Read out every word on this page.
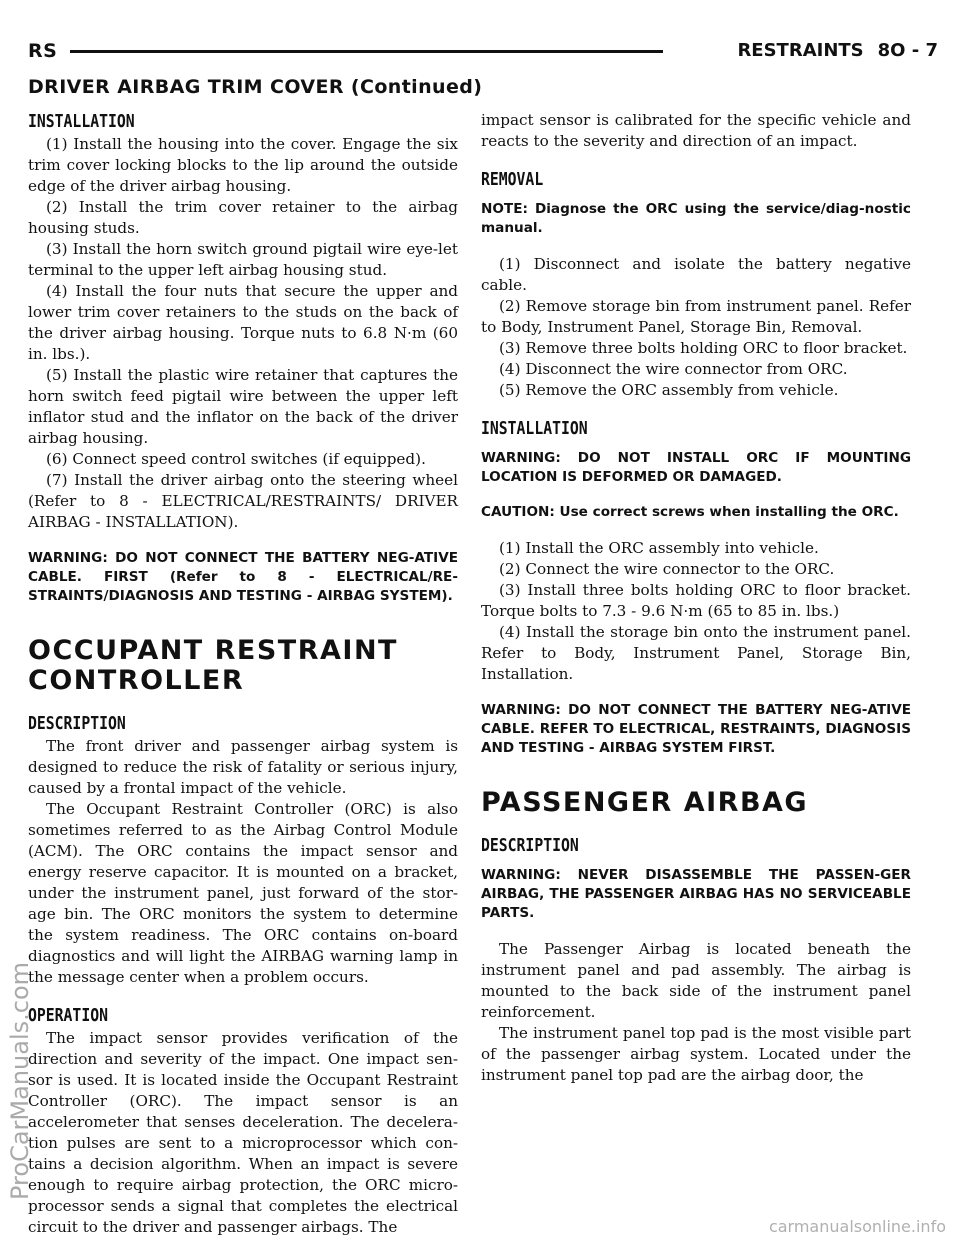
RS	RESTRAINTS 8O - 7
DRIVER AIRBAG TRIM COVER (Continued)
INSTALLATION

(1) Install the housing into the cover. Engage the six trim cover locking blocks to the lip around the outside edge of the driver airbag housing.

(2) Install the trim cover retainer to the airbag housing studs.

(3) Install the horn switch ground pigtail wire eye-let terminal to the upper left airbag housing stud.

(4) Install the four nuts that secure the upper and lower trim cover retainers to the studs on the back of the driver airbag housing. Torque nuts to 6.8 N·m (60 in. lbs.).

(5) Install the plastic wire retainer that captures the horn switch feed pigtail wire between the upper left inflator stud and the inflator on the back of the driver airbag housing.

(6) Connect speed control switches (if equipped).

(7) Install the driver airbag onto the steering wheel (Refer to 8 - ELECTRICAL/RESTRAINTS/ DRIVER AIRBAG - INSTALLATION).

WARNING: DO NOT CONNECT THE BATTERY NEG-ATIVE CABLE. FIRST (Refer to 8 - ELECTRICAL/RE-STRAINTS/DIAGNOSIS AND TESTING - AIRBAG SYSTEM).

OCCUPANT RESTRAINT
CONTROLLER
DESCRIPTION

The front driver and passenger airbag system is designed to reduce the risk of fatality or serious injury, caused by a frontal impact of the vehicle.

The Occupant Restraint Controller (ORC) is also sometimes referred to as the Airbag Control Module (ACM). The ORC contains the impact sensor and energy reserve capacitor. It is mounted on a bracket, under the instrument panel, just forward of the stor-age bin. The ORC monitors the system to determine the system readiness. The ORC contains on-board diagnostics and will light the AIRBAG warning lamp in the message center when a problem occurs.

OPERATION

The impact sensor provides verification of the direction and severity of the impact. One impact sen-sor is used. It is located inside the Occupant Restraint Controller (ORC). The impact sensor is an accelerometer that senses deceleration. The decelera-tion pulses are sent to a microprocessor which con-tains a decision algorithm. When an impact is severe enough to require airbag protection, the ORC micro-processor sends a signal that completes the electrical circuit to the driver and passenger airbags. The

impact sensor is calibrated for the specific vehicle and reacts to the severity and direction of an impact.

REMOVAL

NOTE: Diagnose the ORC using the service/diag-nostic manual.

(1) Disconnect and isolate the battery negative cable.

(2) Remove storage bin from instrument panel. Refer to Body, Instrument Panel, Storage Bin, Removal.

(3) Remove three bolts holding ORC to floor bracket.

(4) Disconnect the wire connector from ORC.

(5) Remove the ORC assembly from vehicle.

INSTALLATION

WARNING: DO NOT INSTALL ORC IF MOUNTING LOCATION IS DEFORMED OR DAMAGED.

CAUTION: Use correct screws when installing the ORC.

(1) Install the ORC assembly into vehicle.

(2) Connect the wire connector to the ORC.

(3) Install three bolts holding ORC to floor bracket. Torque bolts to 7.3 - 9.6 N·m (65 to 85 in. lbs.)

(4) Install the storage bin onto the instrument panel. Refer to Body, Instrument Panel, Storage Bin, Installation.

WARNING: DO NOT CONNECT THE BATTERY NEG-ATIVE CABLE. REFER TO ELECTRICAL, RESTRAINTS, DIAGNOSIS AND TESTING - AIRBAG SYSTEM FIRST.

PASSENGER AIRBAG
DESCRIPTION

WARNING: NEVER DISASSEMBLE THE PASSEN-GER AIRBAG, THE PASSENGER AIRBAG HAS NO SERVICEABLE PARTS.

The Passenger Airbag is located beneath the instrument panel and pad assembly. The airbag is mounted to the back side of the instrument panel reinforcement.

The instrument panel top pad is the most visible part of the passenger airbag system. Located under the instrument panel top pad are the airbag door, the

ProCarManuals.com
carmanualsonline.info
